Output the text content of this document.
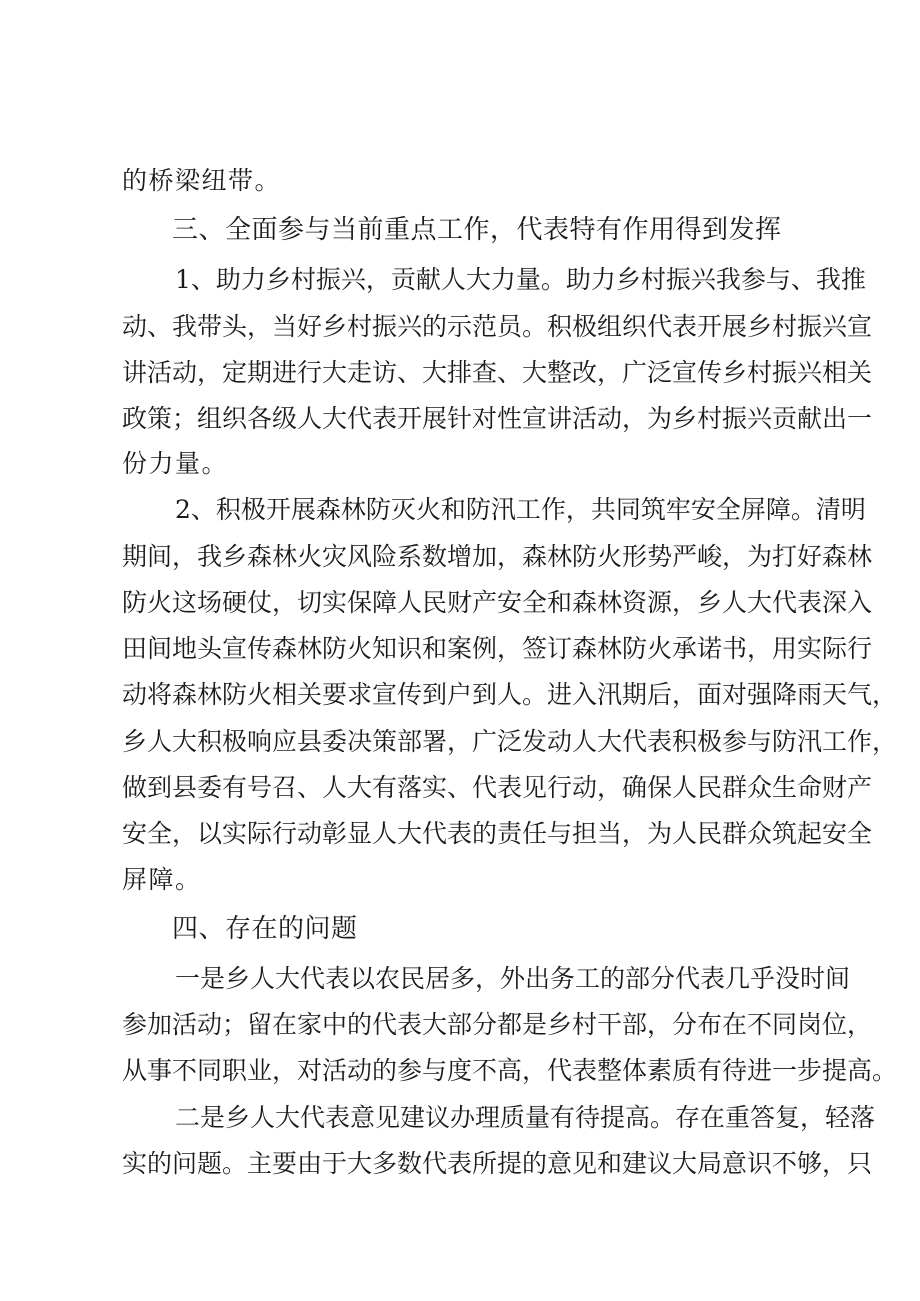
的桥梁纽带。
三、全面参与当前重点工作，代表特有作用得到发挥
1、助力乡村振兴，贡献人大力量。助力乡村振兴我参与、我推
动、我带头，当好乡村振兴的示范员。积极组织代表开展乡村振兴宣
讲活动，定期进行大走访、大排查、大整改，广泛宣传乡村振兴相关
政策；组织各级人大代表开展针对性宣讲活动，为乡村振兴贡献出一
份力量。
2、积极开展森林防灭火和防汛工作，共同筑牢安全屏障。清明
期间，我乡森林火灾风险系数增加，森林防火形势严峻，为打好森林
防火这场硬仗，切实保障人民财产安全和森林资源，乡人大代表深入
田间地头宣传森林防火知识和案例，签订森林防火承诺书，用实际行
动将森林防火相关要求宣传到户到人。进入汛期后，面对强降雨天气，
乡人大积极响应县委决策部署，广泛发动人大代表积极参与防汛工作，
做到县委有号召、人大有落实、代表见行动，确保人民群众生命财产
安全，以实际行动彰显人大代表的责任与担当，为人民群众筑起安全
屏障。
四、存在的问题
一是乡人大代表以农民居多，外出务工的部分代表几乎没时间
参加活动；留在家中的代表大部分都是乡村干部，分布在不同岗位，
从事不同职业，对活动的参与度不高，代表整体素质有待进一步提高。
二是乡人大代表意见建议办理质量有待提高。存在重答复，轻落
实的问题。主要由于大多数代表所提的意见和建议大局意识不够，只
